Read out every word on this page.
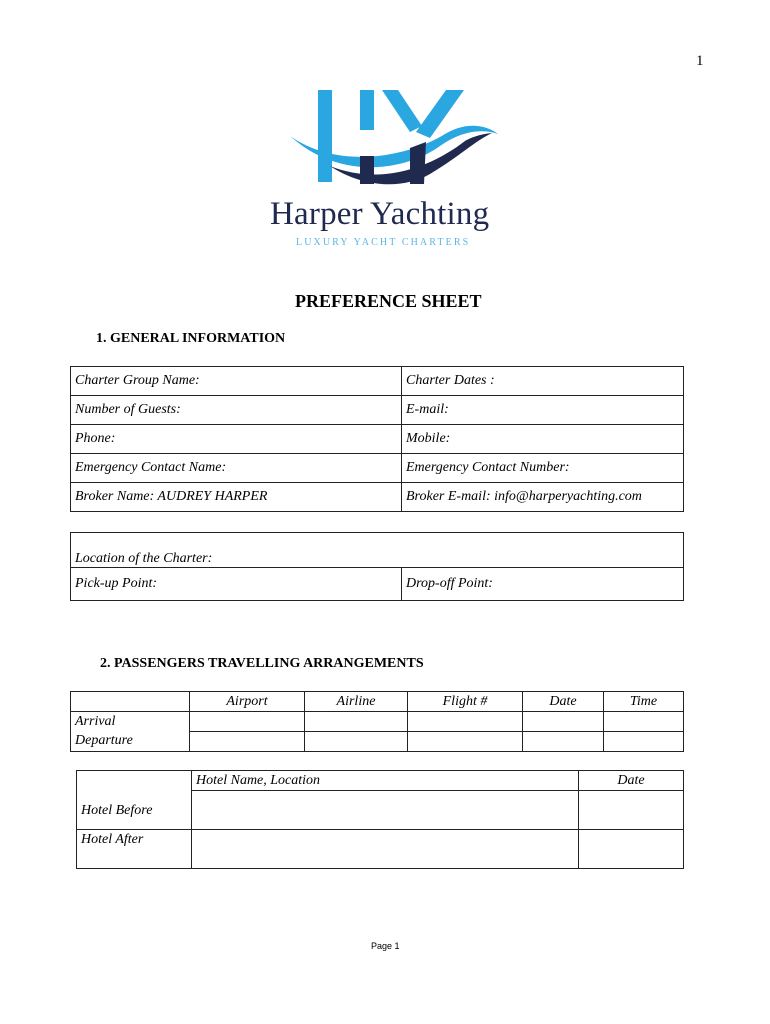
1
Harper Yachting
LUXURY YACHT CHARTERS
PREFERENCE SHEET
1. GENERAL INFORMATION
Charter Group Name:	Charter Dates :
Number of Guests:	E-mail:
Phone:	Mobile:
Emergency Contact Name:	Emergency Contact Number:
Broker Name: AUDREY HARPER	Broker E-mail: info@harperyachting.com
Location of the Charter:
Pick-up Point:	Drop-off Point:
2. PASSENGERS TRAVELLING ARRANGEMENTS
	Airport	Airline	Flight #	Date	Time
Arrival					
Departure					
	Hotel Name, Location	Date
Hotel Before		
Hotel After		
Page 1
